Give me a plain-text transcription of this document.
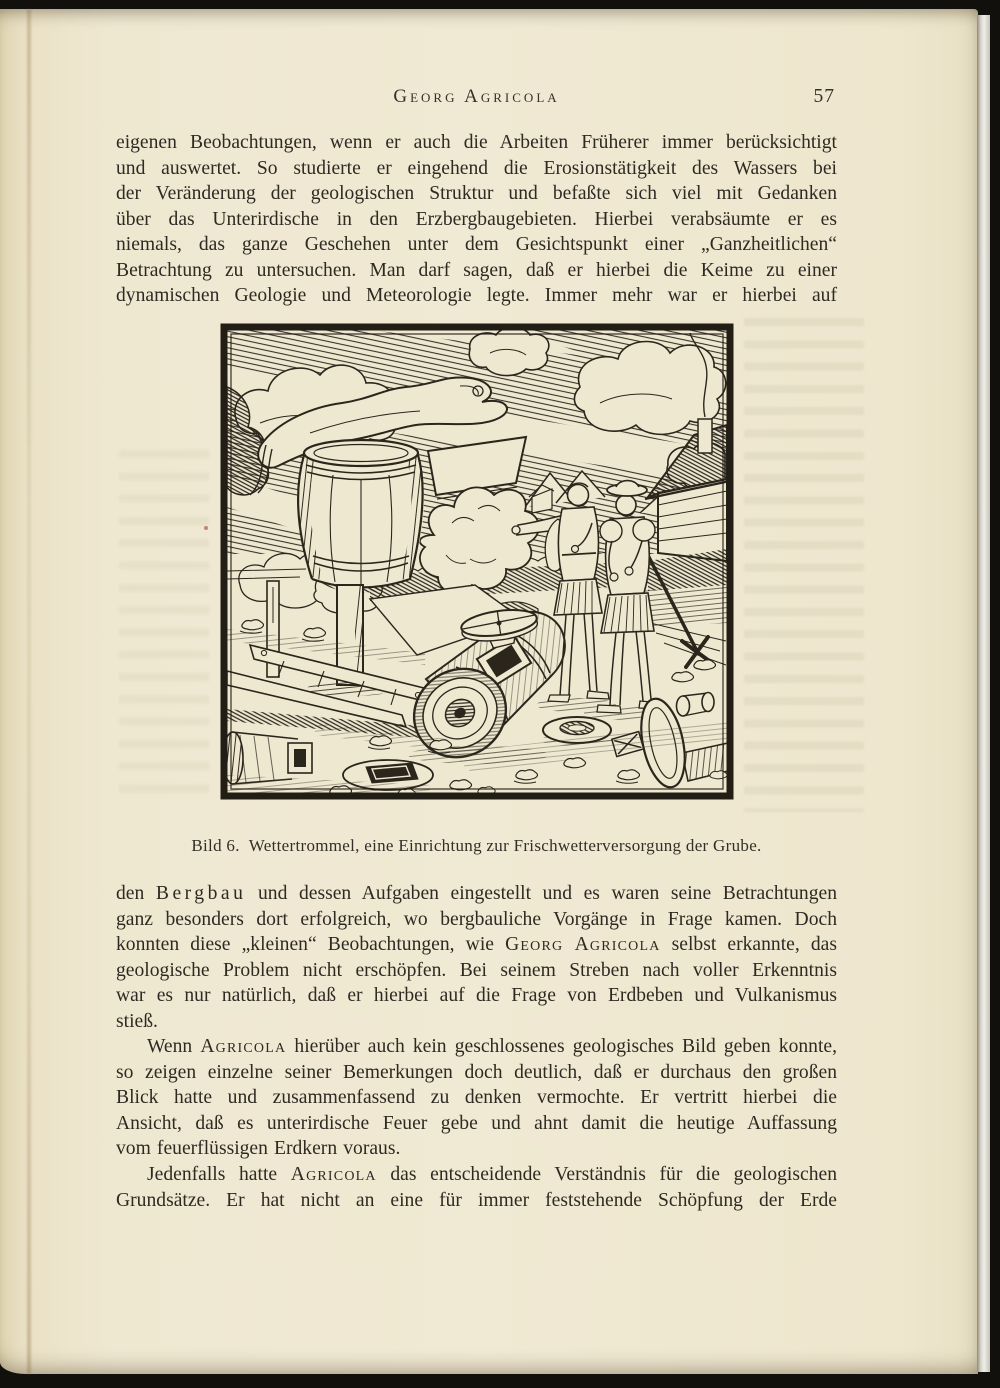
Georg Agricola	57
eigenen Beobachtungen, wenn er auch die Arbeiten Früherer immer berücksichtigt
und auswertet. So studierte er eingehend die Erosionstätigkeit des Wassers bei
der Veränderung der geologischen Struktur und befaßte sich viel mit Gedanken
über das Unterirdische in den Erzbergbaugebieten. Hierbei verabsäumte er es
niemals, das ganze Geschehen unter dem Gesichtspunkt einer „Ganzheitlichen“
Betrachtung zu untersuchen. Man darf sagen, daß er hierbei die Keime zu einer
dynamischen Geologie und Meteorologie legte. Immer mehr war er hierbei auf
Bild 6. Wettertrommel, eine Einrichtung zur Frischwetterversorgung der Grube.
den Bergbau und dessen Aufgaben eingestellt und es waren seine Betrachtungen
ganz besonders dort erfolgreich, wo bergbauliche Vorgänge in Frage kamen. Doch
konnten diese „kleinen“ Beobachtungen, wie Georg Agricola selbst erkannte, das
geologische Problem nicht erschöpfen. Bei seinem Streben nach voller Erkenntnis
war es nur natürlich, daß er hierbei auf die Frage von Erdbeben und Vulkanismus
stieß.
Wenn Agricola hierüber auch kein geschlossenes geologisches Bild geben konnte,
so zeigen einzelne seiner Bemerkungen doch deutlich, daß er durchaus den großen
Blick hatte und zusammenfassend zu denken vermochte. Er vertritt hierbei die
Ansicht, daß es unterirdische Feuer gebe und ahnt damit die heutige Auffassung
vom feuerflüssigen Erdkern voraus.
Jedenfalls hatte Agricola das entscheidende Verständnis für die geologischen
Grundsätze. Er hat nicht an eine für immer feststehende Schöpfung der Erde
